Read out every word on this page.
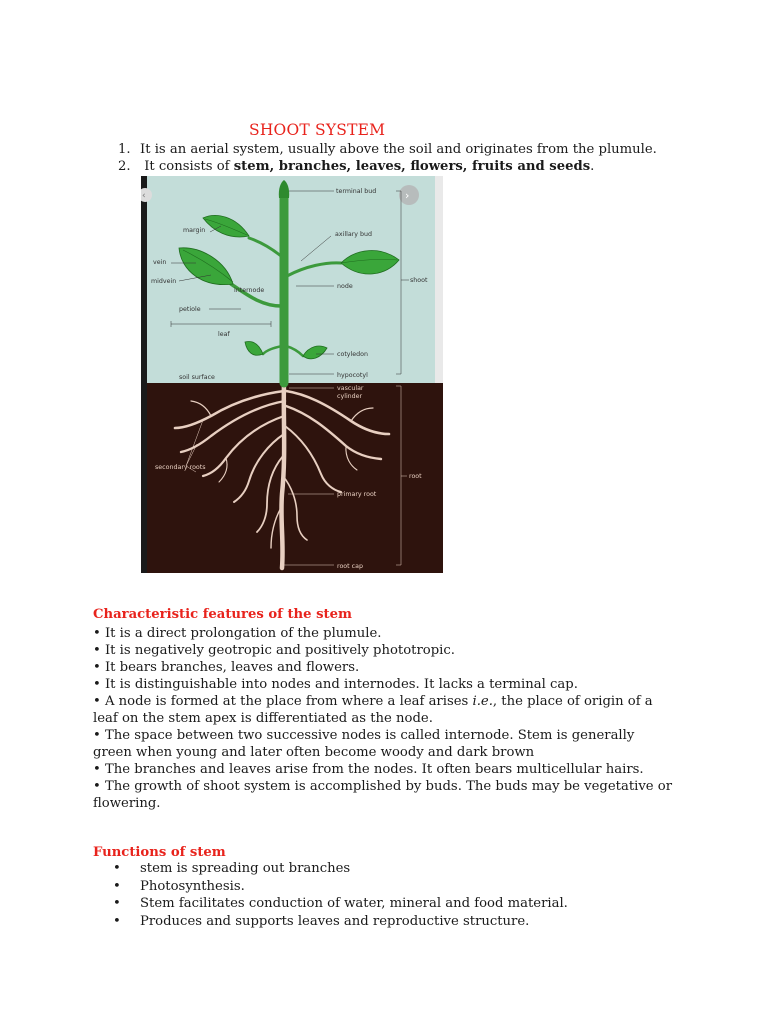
SHOOT SYSTEM
1. It is an aerial system, usually above the soil and originates from the plumule.
2. It consists of stem, branches, leaves, flowers, fruits and seeds.
‹	›
terminal bud
margin
axillary bud
vein
midvein
internode
node
shoot
petiole
leaf
cotyledon
soil surface	hypocotyl
vascular
cylinder
secondary roots
root
primary root
root cap
Characteristic features of the stem
• It is a direct prolongation of the plumule.
• It is negatively geotropic and positively phototropic.
• It bears branches, leaves and flowers.
• It is distinguishable into nodes and internodes. It lacks a terminal cap.
• A node is formed at the place from where a leaf arises i.e., the place of origin of a leaf on the stem apex is differentiated as the node.
• The space between two successive nodes is called internode. Stem is generally green when young and later often become woody and dark brown
• The branches and leaves arise from the nodes. It often bears multicellular hairs.
• The growth of shoot system is accomplished by buds. The buds may be vegetative or flowering.
Functions of stem
• stem is spreading out branches
• Photosynthesis.
• Stem facilitates conduction of water, mineral and food material.
• Produces and supports leaves and reproductive structure.
